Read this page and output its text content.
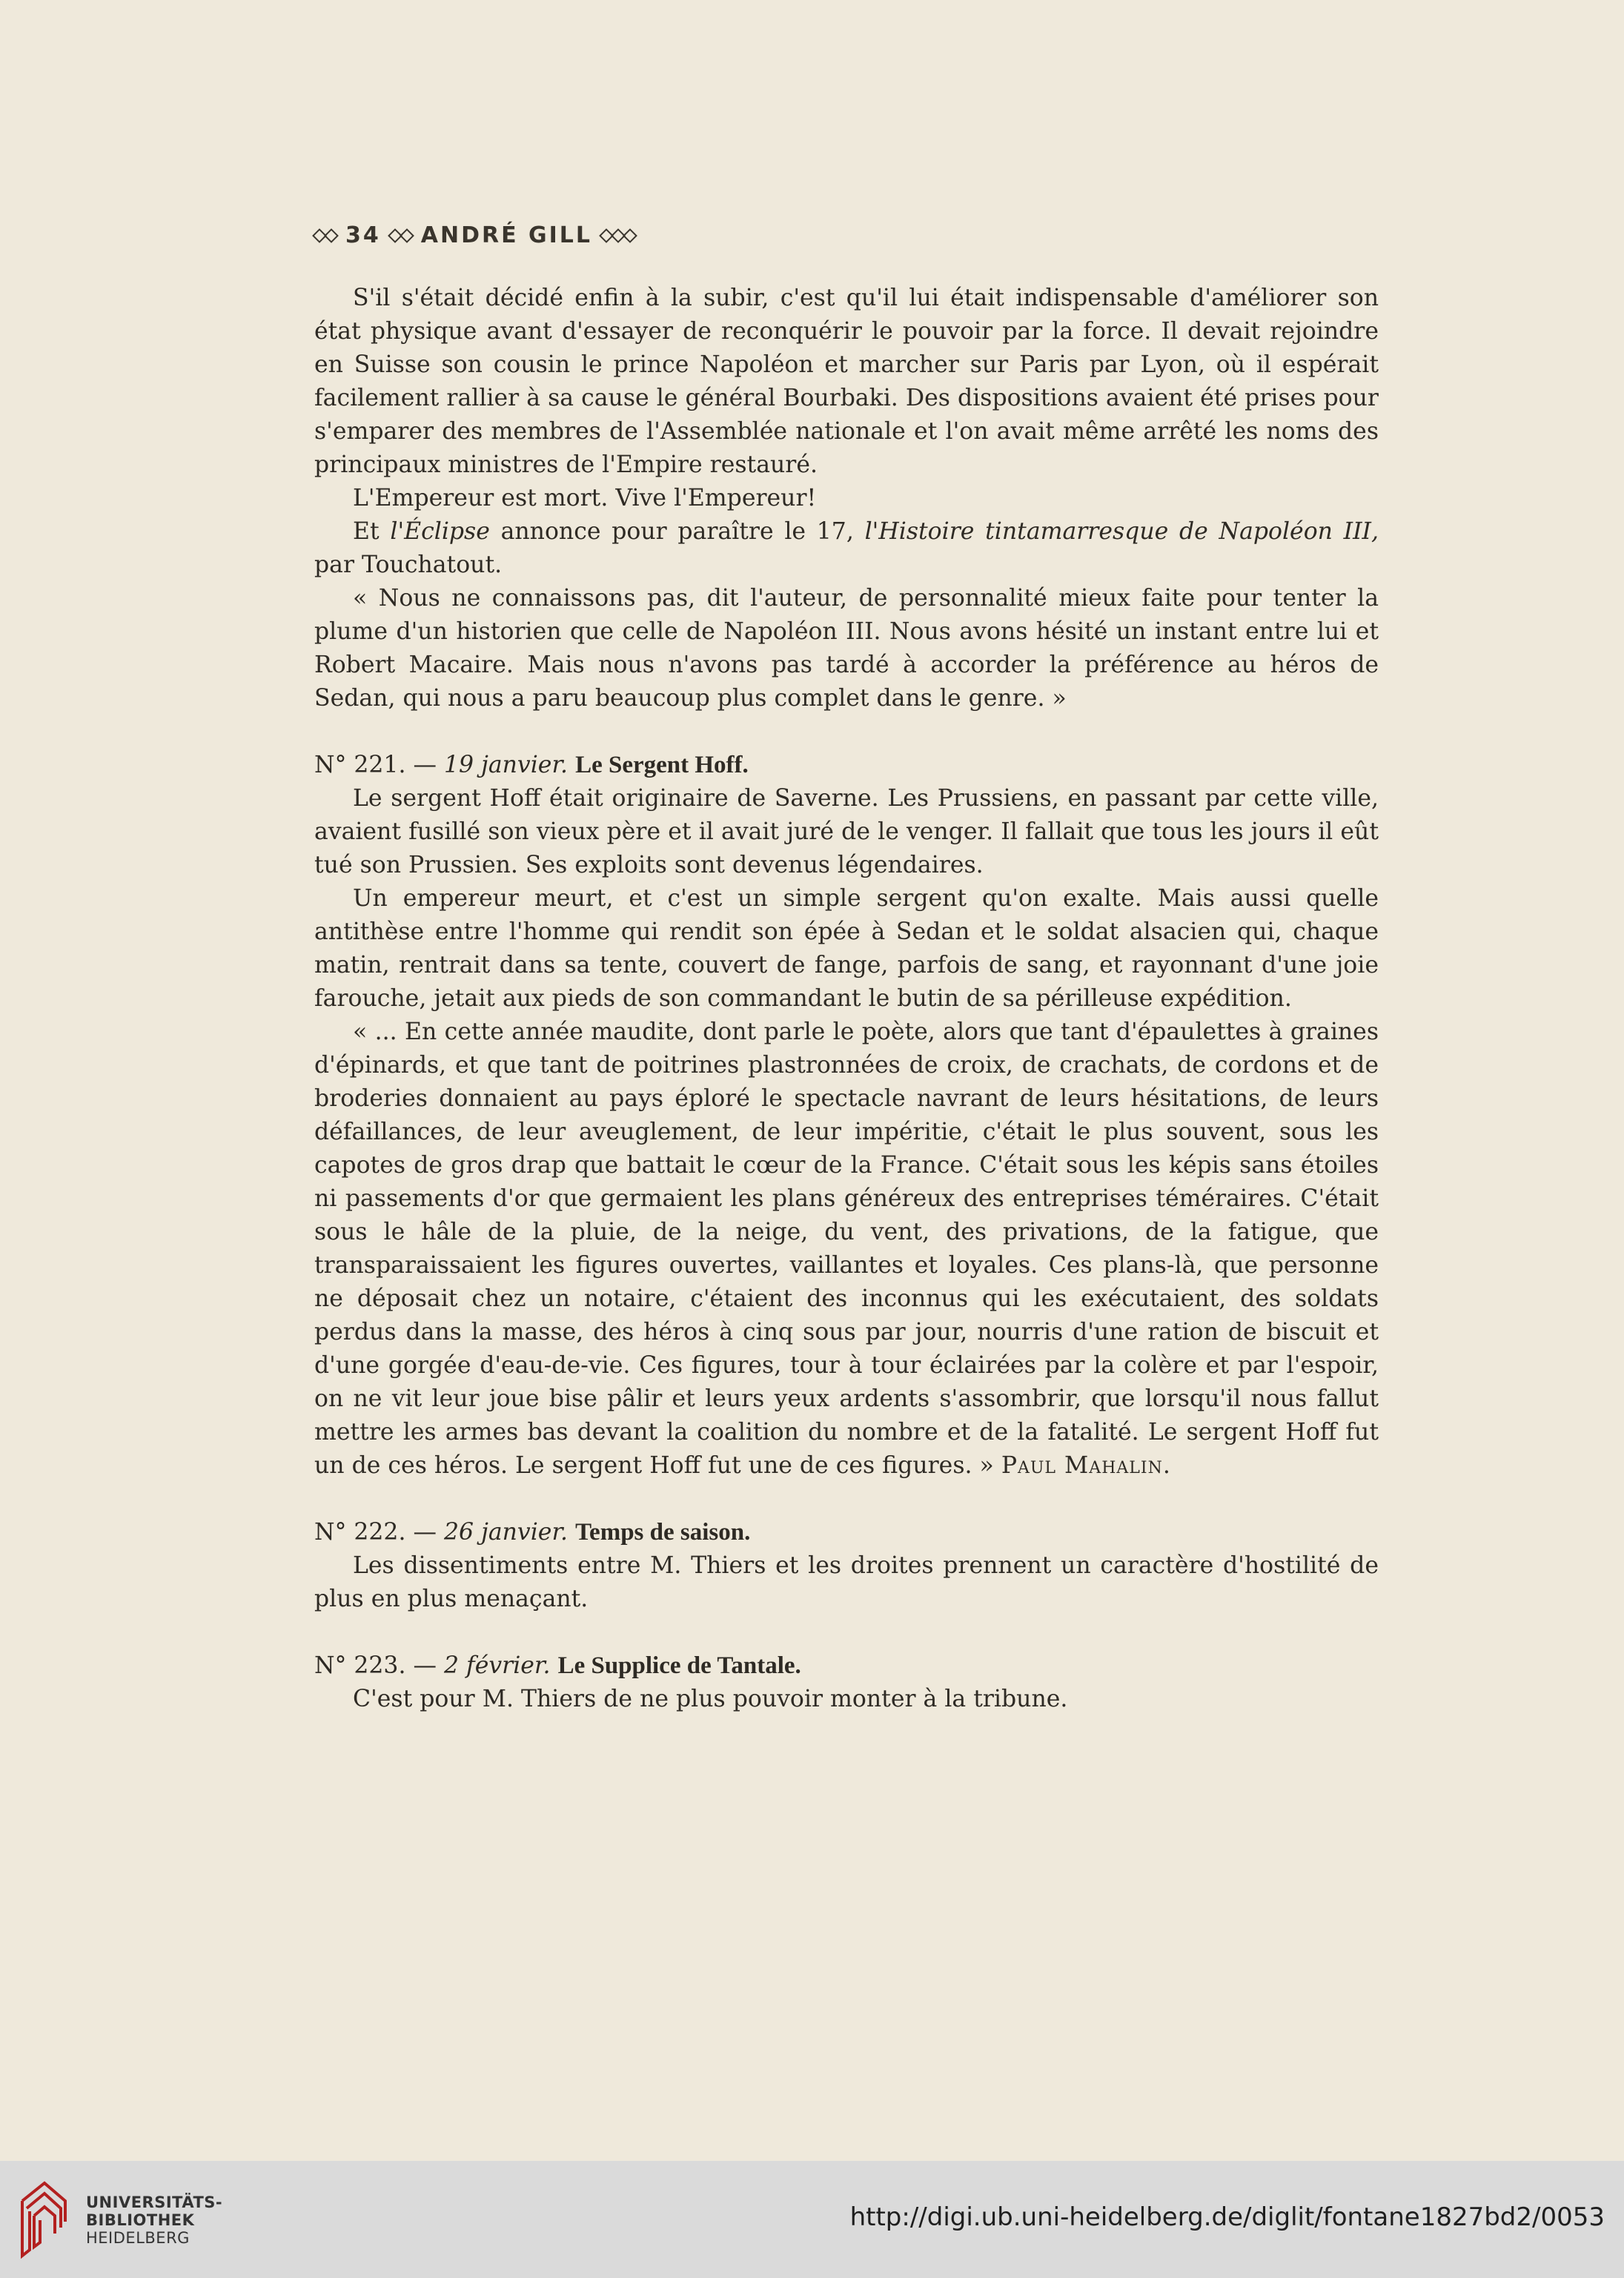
34 ANDRÉ GILL

S'il s'était décidé enfin à la subir, c'est qu'il lui était indispensable d'améliorer son état physique avant d'essayer de reconquérir le pouvoir par la force. Il devait rejoindre en Suisse son cousin le prince Napoléon et marcher sur Paris par Lyon, où il espérait facilement rallier à sa cause le général Bourbaki. Des dispositions avaient été prises pour s'emparer des membres de l'Assemblée nationale et l'on avait même arrêté les noms des principaux ministres de l'Empire restauré.

L'Empereur est mort. Vive l'Empereur!

Et l'Éclipse annonce pour paraître le 17, l'Histoire tintamarresque de Napoléon III, par Touchatout.

« Nous ne connaissons pas, dit l'auteur, de personnalité mieux faite pour tenter la plume d'un historien que celle de Napoléon III. Nous avons hésité un instant entre lui et Robert Macaire. Mais nous n'avons pas tardé à accorder la préférence au héros de Sedan, qui nous a paru beaucoup plus complet dans le genre. »

N° 221. — 19 janvier. Le Sergent Hoff.

Le sergent Hoff était originaire de Saverne. Les Prussiens, en passant par cette ville, avaient fusillé son vieux père et il avait juré de le venger. Il fallait que tous les jours il eût tué son Prussien. Ses exploits sont devenus légendaires.

Un empereur meurt, et c'est un simple sergent qu'on exalte. Mais aussi quelle antithèse entre l'homme qui rendit son épée à Sedan et le soldat alsacien qui, chaque matin, rentrait dans sa tente, couvert de fange, parfois de sang, et rayonnant d'une joie farouche, jetait aux pieds de son commandant le butin de sa périlleuse expédition.

« ... En cette année maudite, dont parle le poète, alors que tant d'épaulettes à graines d'épinards, et que tant de poitrines plastronnées de croix, de crachats, de cordons et de broderies donnaient au pays éploré le spectacle navrant de leurs hésitations, de leurs défaillances, de leur aveuglement, de leur impéritie, c'était le plus souvent, sous les capotes de gros drap que battait le cœur de la France. C'était sous les képis sans étoiles ni passements d'or que germaient les plans généreux des entreprises téméraires. C'était sous le hâle de la pluie, de la neige, du vent, des privations, de la fatigue, que transparaissaient les figures ouvertes, vaillantes et loyales. Ces plans-là, que personne ne déposait chez un notaire, c'étaient des inconnus qui les exécutaient, des soldats perdus dans la masse, des héros à cinq sous par jour, nourris d'une ration de biscuit et d'une gorgée d'eau-de-vie. Ces figures, tour à tour éclairées par la colère et par l'espoir, on ne vit leur joue bise pâlir et leurs yeux ardents s'assombrir, que lorsqu'il nous fallut mettre les armes bas devant la coalition du nombre et de la fatalité. Le sergent Hoff fut un de ces héros. Le sergent Hoff fut une de ces figures. » Paul Mahalin.

N° 222. — 26 janvier. Temps de saison.

Les dissentiments entre M. Thiers et les droites prennent un caractère d'hostilité de plus en plus menaçant.

N° 223. — 2 février. Le Supplice de Tantale.

C'est pour M. Thiers de ne plus pouvoir monter à la tribune.

UNIVERSITÄTS-
BIBLIOTHEK
HEIDELBERG
http://digi.ub.uni-heidelberg.de/diglit/fontane1827bd2/0053
